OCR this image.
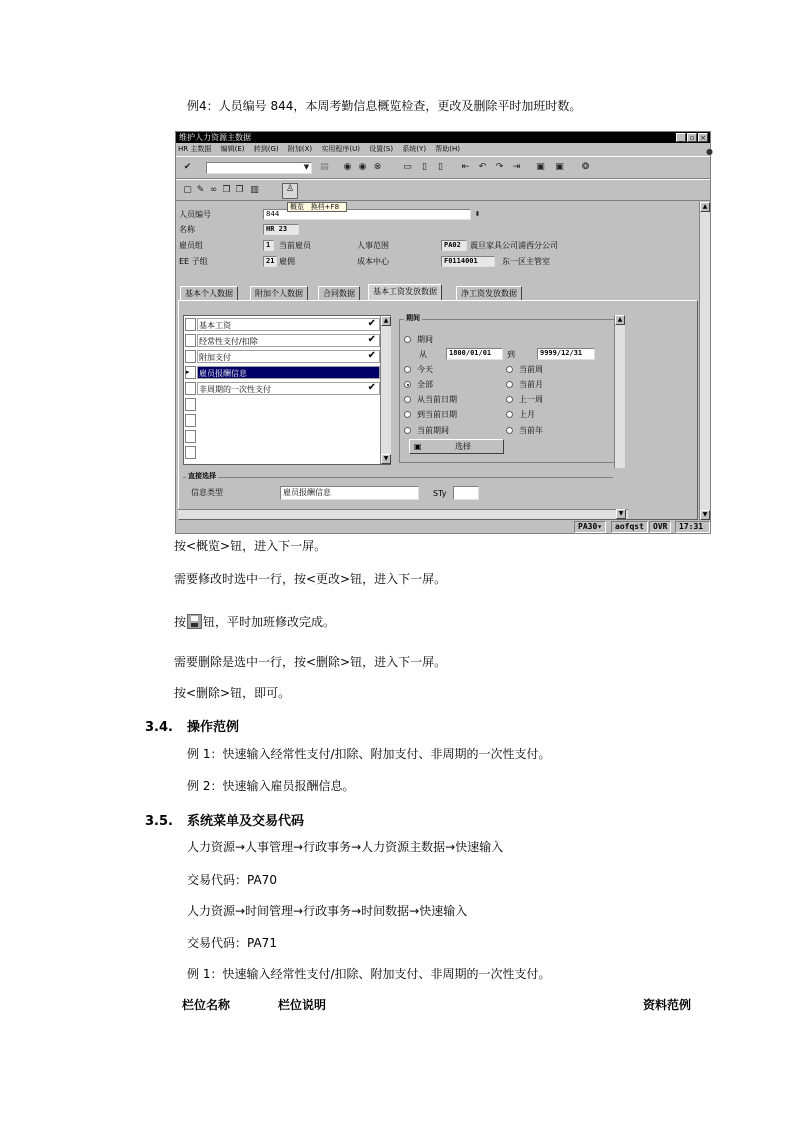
例4：人员编号 844，本周考勤信息概览检查，更改及删除平时加班时数。
维护人力资源主数据	_ ▫ ×
HR 主数据 编辑(E) 转到(G) 附加(X) 实用程序(U) 设置(S) 系统(Y) 帮助(H)
✔	▼	▤ ◉ ◉ ⊗ ▭	▯	▯	⇤ ↶ ↷ ⇥ ▣ ▣ ❂
●
▢ ✎ ∞ ❐ ❐ ▥	♙
▲
▼
人员编号	844	⬍
概览 换档+F8
名称	HR 23
雇员组	1	当前雇员	人事范围	PA02	震旦家具公司浦西分公司
EE 子组	21 雇佣	成本中心	F0114001	东一区主管室
基本个人数据	附加个人数据	合同数据	基本工资发放数据	净工资发放数据
▲
▼
期间	▲
期间
从	1800/01/01	到	9999/12/31
今天
全部
从当前日期
到当前日期
当前期间
当前周
当前月
上一周
上月
当前年
▣	选择
直接选择
信息类型	雇员报酬信息	STy
▼
PA30▾	aofqst	OVR	17:31
基本工资	✔
经常性支付/扣除	✔
附加支付	✔
▸	雇员报酬信息
非周期的一次性支付	✔
按<概览>钮，进入下一屏。
需要修改时选中一行，按<更改>钮，进入下一屏。
按 钮，平时加班修改完成。
需要删除是选中一行，按<删除>钮，进入下一屏。
按<删除>钮，即可。
3.4. 操作范例
例 1：快速输入经常性支付/扣除、附加支付、非周期的一次性支付。
例 2：快速输入雇员报酬信息。
3.5. 系统菜单及交易代码
人力资源→人事管理→行政事务→人力资源主数据→快速输入
交易代码：PA70
人力资源→时间管理→行政事务→时间数据→快速输入
交易代码：PA71
例 1：快速输入经常性支付/扣除、附加支付、非周期的一次性支付。
栏位名称	栏位说明	资料范例
